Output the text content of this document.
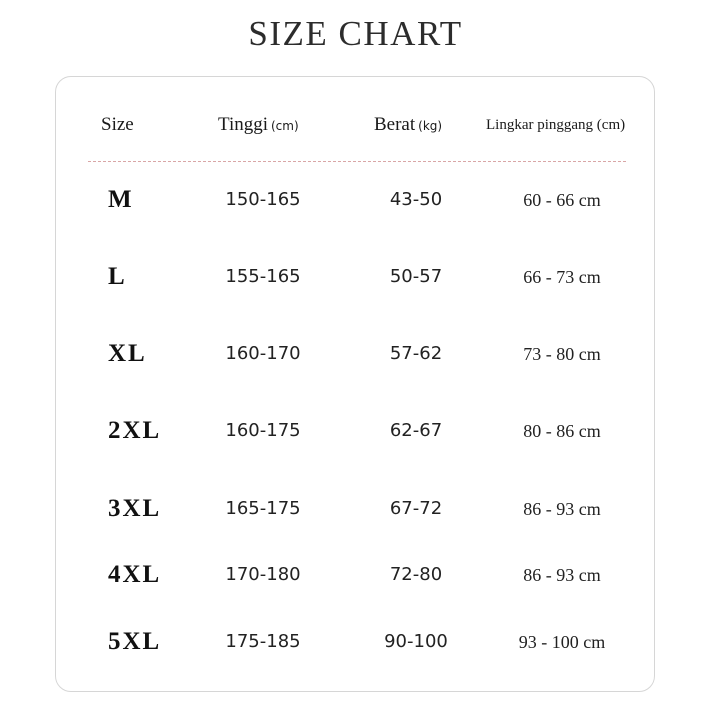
SIZE CHART
Size	Tinggi (cm)	Berat (kg)	Lingkar pinggang (cm)
M	150-165	43-50	60 - 66 cm
L	155-165	50-57	66 - 73 cm
XL	160-170	57-62	73 - 80 cm
2XL	160-175	62-67	80 - 86 cm
3XL	165-175	67-72	86 - 93 cm
4XL	170-180	72-80	86 - 93 cm
5XL	175-185	90-100	93 - 100 cm
